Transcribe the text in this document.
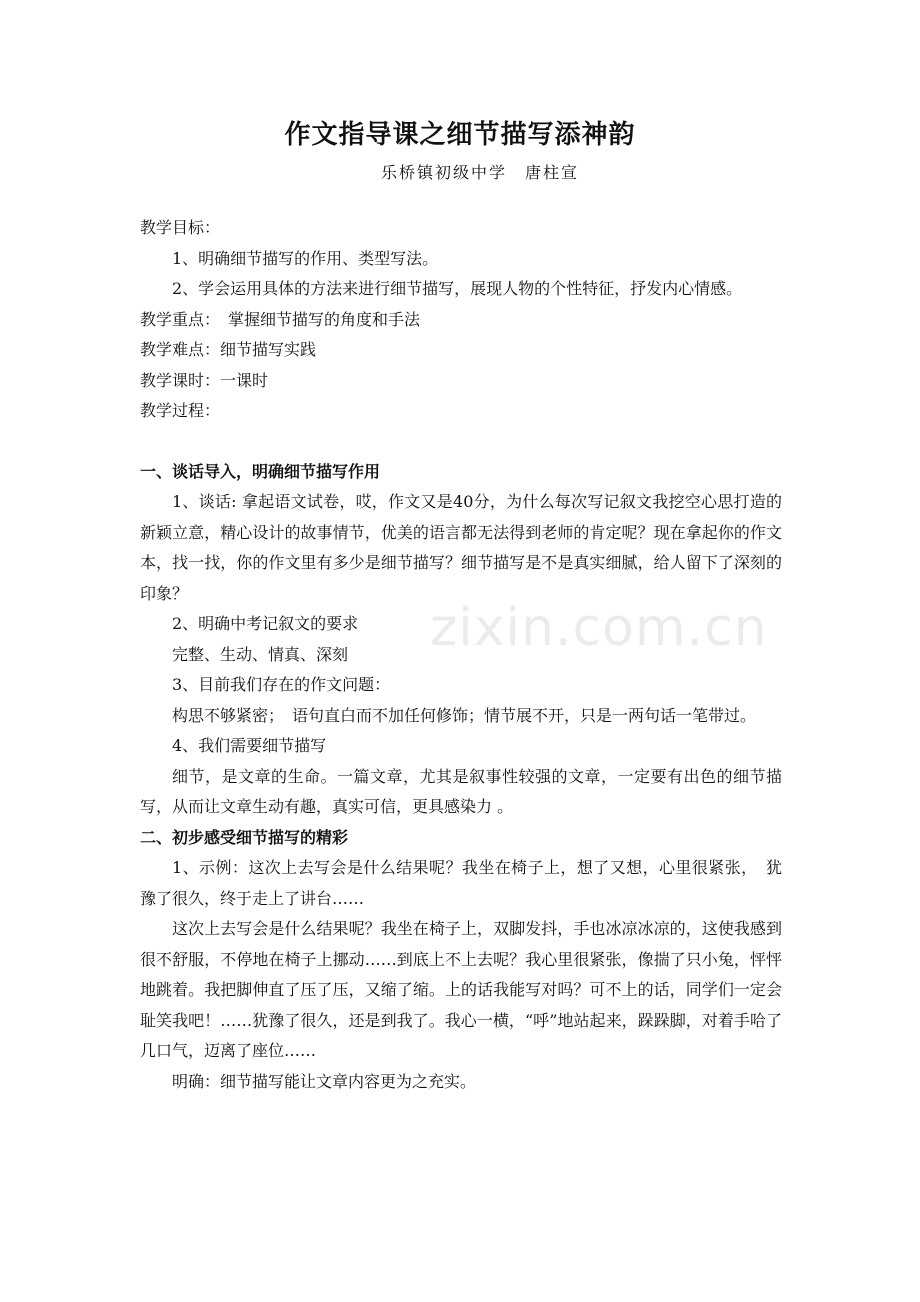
作文指导课之细节描写添神韵
乐桥镇初级中学　唐柱宣

教学目标：

1、明确细节描写的作用、类型写法。

2、学会运用具体的方法来进行细节描写，展现人物的个性特征，抒发内心情感。

教学重点：　掌握细节描写的角度和手法

教学难点：细节描写实践

教学课时：一课时

教学过程：

一、谈话导入，明确细节描写作用

1、谈话: 拿起语文试卷，哎，作文又是40分，为什么每次写记叙文我挖空心思打造的新颖立意，精心设计的故事情节，优美的语言都无法得到老师的肯定呢？现在拿起你的作文本，找一找，你的作文里有多少是细节描写？细节描写是不是真实细腻，给人留下了深刻的印象？

2、明确中考记叙文的要求

完整、生动、情真、深刻

3、目前我们存在的作文问题：

构思不够紧密；　语句直白而不加任何修饰；情节展不开，只是一两句话一笔带过。

4、我们需要细节描写

细节，是文章的生命。一篇文章，尤其是叙事性较强的文章，一定要有出色的细节描写，从而让文章生动有趣，真实可信，更具感染力 。

二、初步感受细节描写的精彩

1、示例：这次上去写会是什么结果呢？我坐在椅子上，想了又想，心里很紧张，　犹豫了很久，终于走上了讲台……

这次上去写会是什么结果呢？我坐在椅子上，双脚发抖，手也冰凉冰凉的，这使我感到很不舒服，不停地在椅子上挪动……到底上不上去呢？我心里很紧张，像揣了只小兔，怦怦地跳着。我把脚伸直了压了压，又缩了缩。上的话我能写对吗？可不上的话，同学们一定会耻笑我吧！……犹豫了很久，还是到我了。我心一横，“呼”地站起来，跺跺脚，对着手哈了几口气，迈离了座位……

明确：细节描写能让文章内容更为之充实。

zixin.com.cn
